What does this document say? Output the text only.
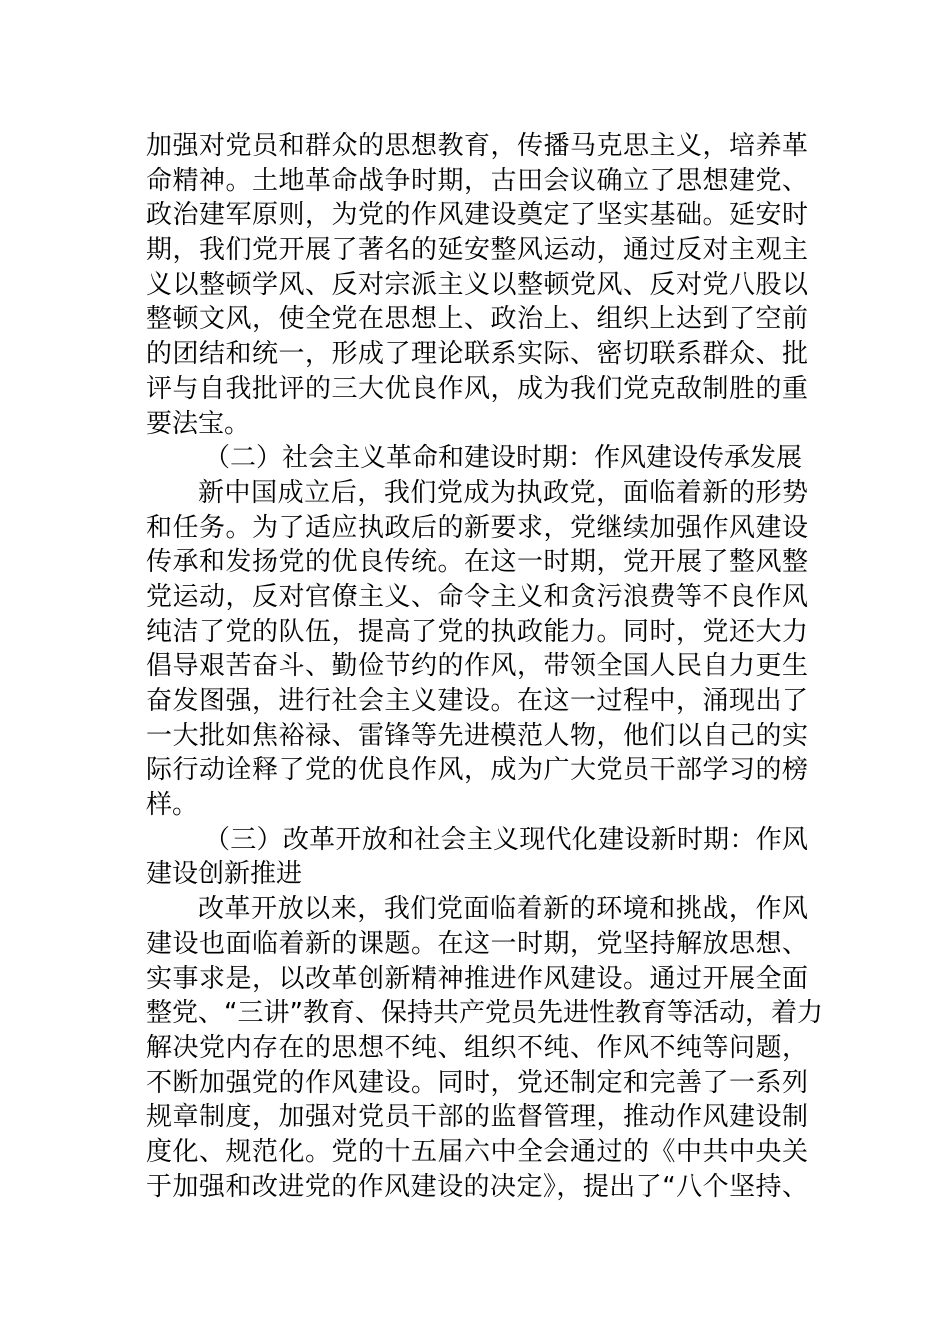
加强对党员和群众的思想教育，传播马克思主义，培养革
命精神。土地革命战争时期，古田会议确立了思想建党、
政治建军原则，为党的作风建设奠定了坚实基础。延安时
期，我们党开展了著名的延安整风运动，通过反对主观主
义以整顿学风、反对宗派主义以整顿党风、反对党八股以
整顿文风，使全党在思想上、政治上、组织上达到了空前
的团结和统一，形成了理论联系实际、密切联系群众、批
评与自我批评的三大优良作风，成为我们党克敌制胜的重
要法宝。
（二）社会主义革命和建设时期：作风建设传承发展
新中国成立后，我们党成为执政党，面临着新的形势
和任务。为了适应执政后的新要求，党继续加强作风建设
传承和发扬党的优良传统。在这一时期，党开展了整风整
党运动，反对官僚主义、命令主义和贪污浪费等不良作风
纯洁了党的队伍，提高了党的执政能力。同时，党还大力
倡导艰苦奋斗、勤俭节约的作风，带领全国人民自力更生
奋发图强，进行社会主义建设。在这一过程中，涌现出了
一大批如焦裕禄、雷锋等先进模范人物，他们以自己的实
际行动诠释了党的优良作风，成为广大党员干部学习的榜
样。
（三）改革开放和社会主义现代化建设新时期：作风
建设创新推进
改革开放以来，我们党面临着新的环境和挑战，作风
建设也面临着新的课题。在这一时期，党坚持解放思想、
实事求是，以改革创新精神推进作风建设。通过开展全面
整党、“三讲”教育、保持共产党员先进性教育等活动，着力
解决党内存在的思想不纯、组织不纯、作风不纯等问题，
不断加强党的作风建设。同时，党还制定和完善了一系列
规章制度，加强对党员干部的监督管理，推动作风建设制
度化、规范化。党的十五届六中全会通过的《中共中央关
于加强和改进党的作风建设的决定》，提出了“八个坚持、
